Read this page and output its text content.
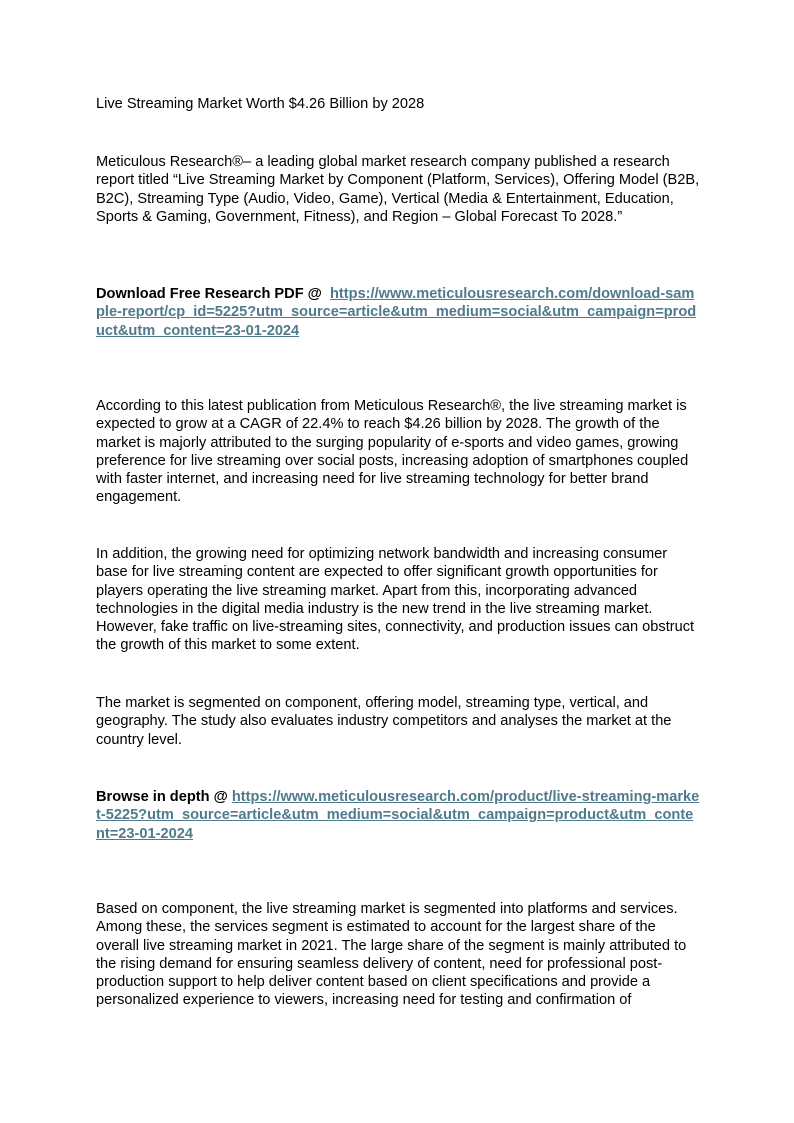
Live Streaming Market Worth $4.26 Billion by 2028

Meticulous Research®– a leading global market research company published a research report titled “Live Streaming Market by Component (Platform, Services), Offering Model (B2B, B2C), Streaming Type (Audio, Video, Game), Vertical (Media & Entertainment, Education, Sports & Gaming, Government, Fitness), and Region – Global Forecast To 2028.”

Download Free Research PDF @ https://www.meticulousresearch.com/download-sample-report/cp_id=5225?utm_source=article&utm_medium=social&utm_campaign=product&utm_content=23-01-2024

According to this latest publication from Meticulous Research®, the live streaming market is expected to grow at a CAGR of 22.4% to reach $4.26 billion by 2028. The growth of the market is majorly attributed to the surging popularity of e-sports and video games, growing preference for live streaming over social posts, increasing adoption of smartphones coupled with faster internet, and increasing need for live streaming technology for better brand engagement.

In addition, the growing need for optimizing network bandwidth and increasing consumer base for live streaming content are expected to offer significant growth opportunities for players operating the live streaming market. Apart from this, incorporating advanced technologies in the digital media industry is the new trend in the live streaming market. However, fake traffic on live-streaming sites, connectivity, and production issues can obstruct the growth of this market to some extent.

The market is segmented on component, offering model, streaming type, vertical, and geography. The study also evaluates industry competitors and analyses the market at the country level.

Browse in depth @ https://www.meticulousresearch.com/product/live-streaming-market-5225?utm_source=article&utm_medium=social&utm_campaign=product&utm_content=23-01-2024

Based on component, the live streaming market is segmented into platforms and services. Among these, the services segment is estimated to account for the largest share of the overall live streaming market in 2021. The large share of the segment is mainly attributed to the rising demand for ensuring seamless delivery of content, need for professional post-production support to help deliver content based on client specifications and provide a personalized experience to viewers, increasing need for testing and confirmation of
